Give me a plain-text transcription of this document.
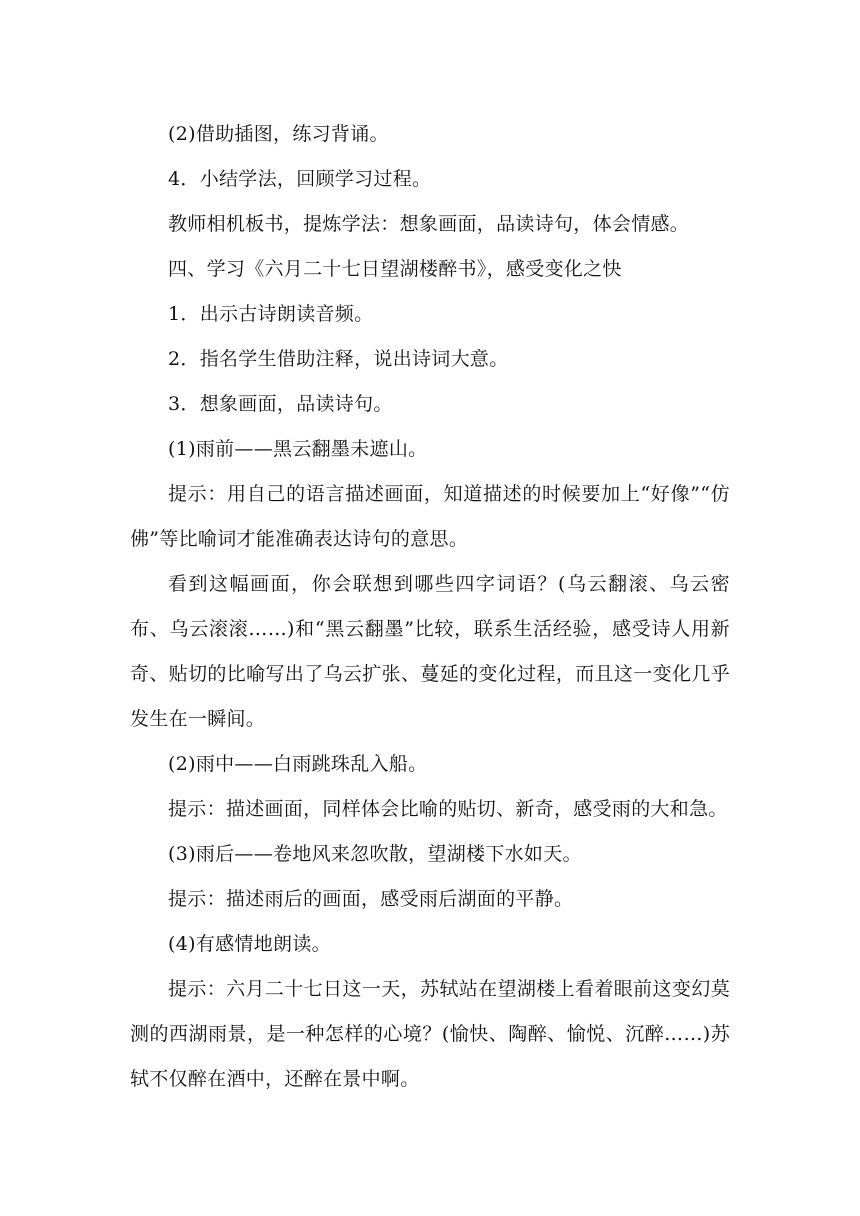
(2)借助插图，练习背诵。

4．小结学法，回顾学习过程。

教师相机板书，提炼学法：想象画面，品读诗句，体会情感。

四、学习《六月二十七日望湖楼醉书》，感受变化之快

1．出示古诗朗读音频。

2．指名学生借助注释，说出诗词大意。

3．想象画面，品读诗句。

(1)雨前——黑云翻墨未遮山。

提示：用自己的语言描述画面，知道描述的时候要加上“好像”“仿佛”等比喻词才能准确表达诗句的意思。

看到这幅画面，你会联想到哪些四字词语？(乌云翻滚、乌云密布、乌云滚滚……)和“黑云翻墨”比较，联系生活经验，感受诗人用新奇、贴切的比喻写出了乌云扩张、蔓延的变化过程，而且这一变化几乎发生在一瞬间。

(2)雨中——白雨跳珠乱入船。

提示：描述画面，同样体会比喻的贴切、新奇，感受雨的大和急。

(3)雨后——卷地风来忽吹散，望湖楼下水如天。

提示：描述雨后的画面，感受雨后湖面的平静。

(4)有感情地朗读。

提示：六月二十七日这一天，苏轼站在望湖楼上看着眼前这变幻莫测的西湖雨景，是一种怎样的心境？(愉快、陶醉、愉悦、沉醉……)苏轼不仅醉在酒中，还醉在景中啊。
